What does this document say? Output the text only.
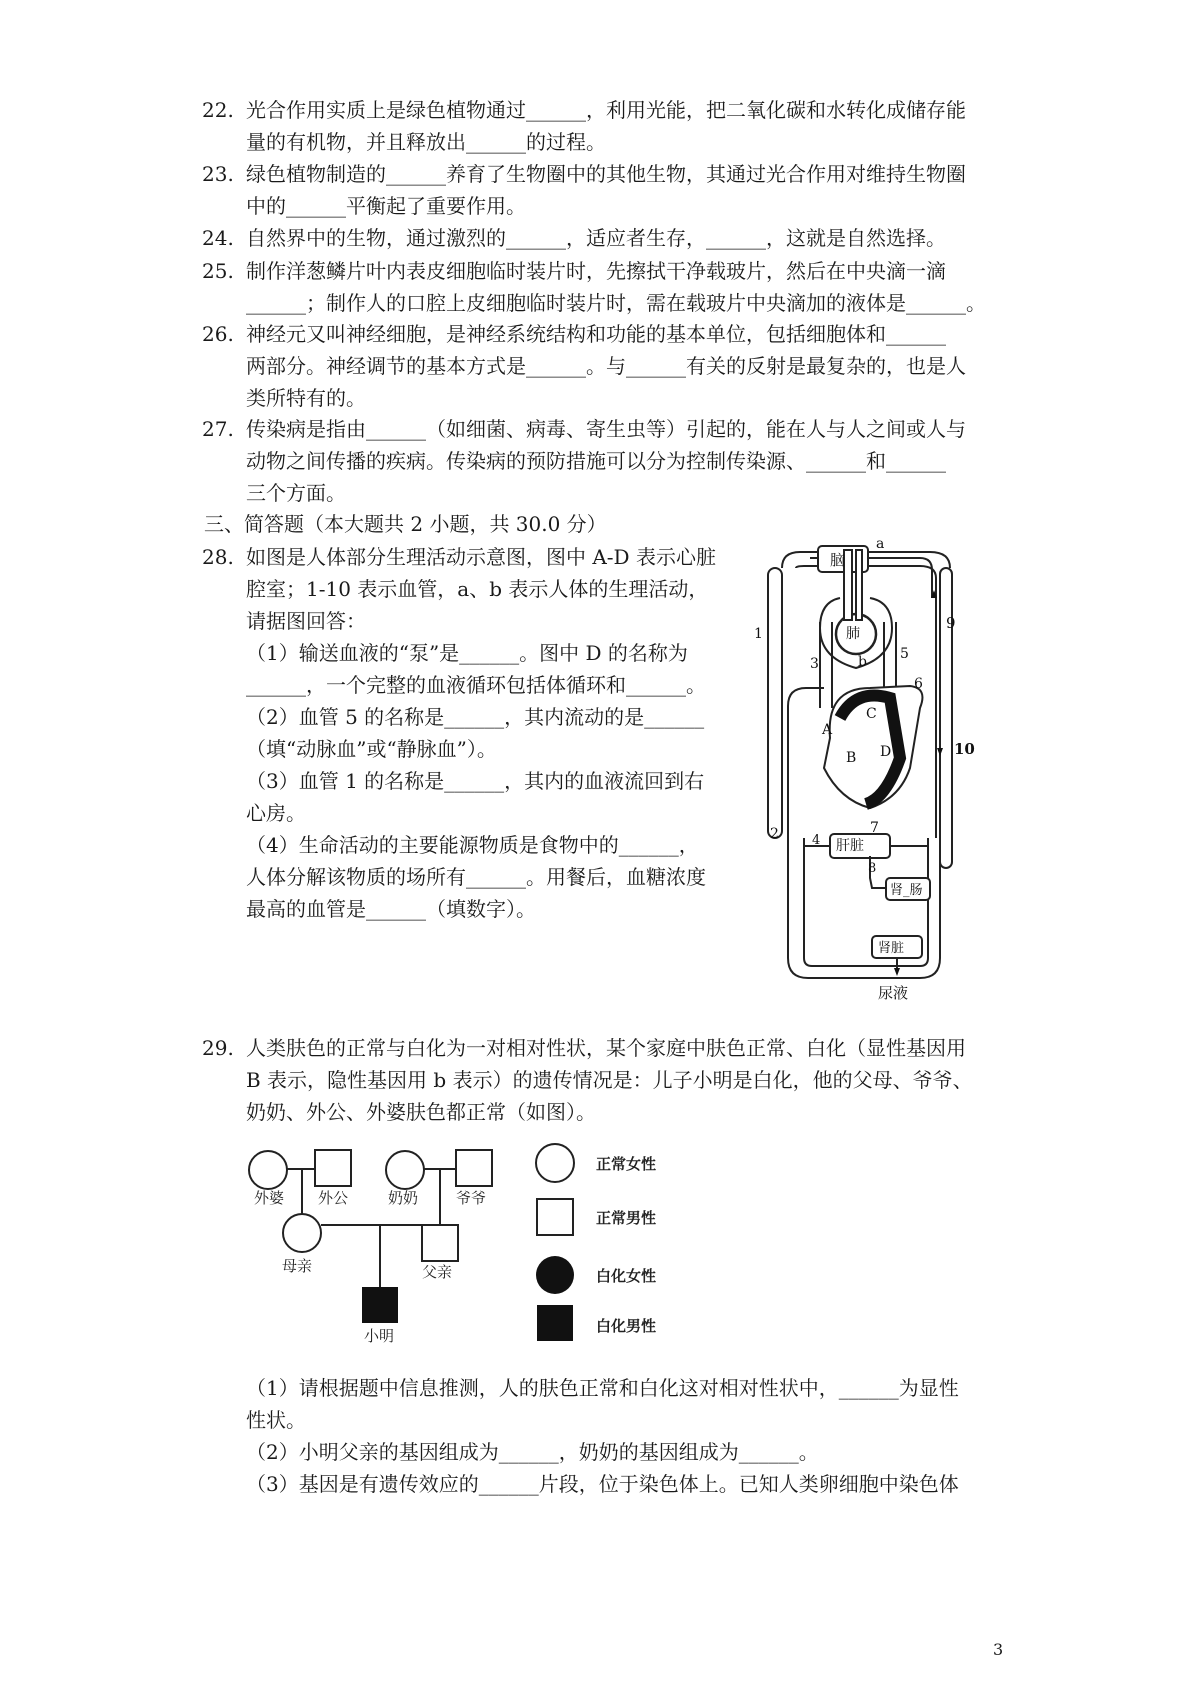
22. 光合作用实质上是绿色植物通过______，利用光能，把二氧化碳和水转化成储存能
量的有机物，并且释放出______的过程。
23. 绿色植物制造的______养育了生物圈中的其他生物，其通过光合作用对维持生物圈
中的______平衡起了重要作用。
24. 自然界中的生物，通过激烈的______，适应者生存，______，这就是自然选择。
25. 制作洋葱鳞片叶内表皮细胞临时装片时，先擦拭干净载玻片，然后在中央滴一滴
______；制作人的口腔上皮细胞临时装片时，需在载玻片中央滴加的液体是______。
26. 神经元又叫神经细胞，是神经系统结构和功能的基本单位，包括细胞体和______
两部分。神经调节的基本方式是______。与______有关的反射是最复杂的，也是人
类所特有的。
27. 传染病是指由______（如细菌、病毒、寄生虫等）引起的，能在人与人之间或人与
动物之间传播的疾病。传染病的预防措施可以分为控制传染源、______和______
三个方面。
三、简答题（本大题共 2 小题，共 30.0 分）
28. 如图是人体部分生理活动示意图，图中 A-D 表示心脏
腔室；1-10 表示血管，a、b 表示人体的生理活动，
请据图回答：
（1）输送血液的“泵”是______。图中 D 的名称为
______，一个完整的血液循环包括体循环和______。
（2）血管 5 的名称是______，其内流动的是______
（填“动脉血”或“静脉血”）。
（3）血管 1 的名称是______，其内的血液流回到右
心房。
（4）生命活动的主要能源物质是食物中的______，
人体分解该物质的场所有______。用餐后，血糖浓度
最高的血管是______（填数字）。
脑
肺
a
b
A
B
C
D
肝脏
肾_肠
肾脏
尿液
1
2
3
4
5
6
7
8
9
10
29. 人类肤色的正常与白化为一对相对性状，某个家庭中肤色正常、白化（显性基因用
B 表示，隐性基因用 b 表示）的遗传情况是：儿子小明是白化，他的父母、爷爷、
奶奶、外公、外婆肤色都正常（如图）。
外婆 外公	奶奶	爷爷
母亲	父亲
小明
正常女性
正常男性
白化女性
白化男性
（1）请根据题中信息推测，人的肤色正常和白化这对相对性状中，______为显性
性状。
（2）小明父亲的基因组成为______，奶奶的基因组成为______。
（3）基因是有遗传效应的______片段，位于染色体上。已知人类卵细胞中染色体
3
